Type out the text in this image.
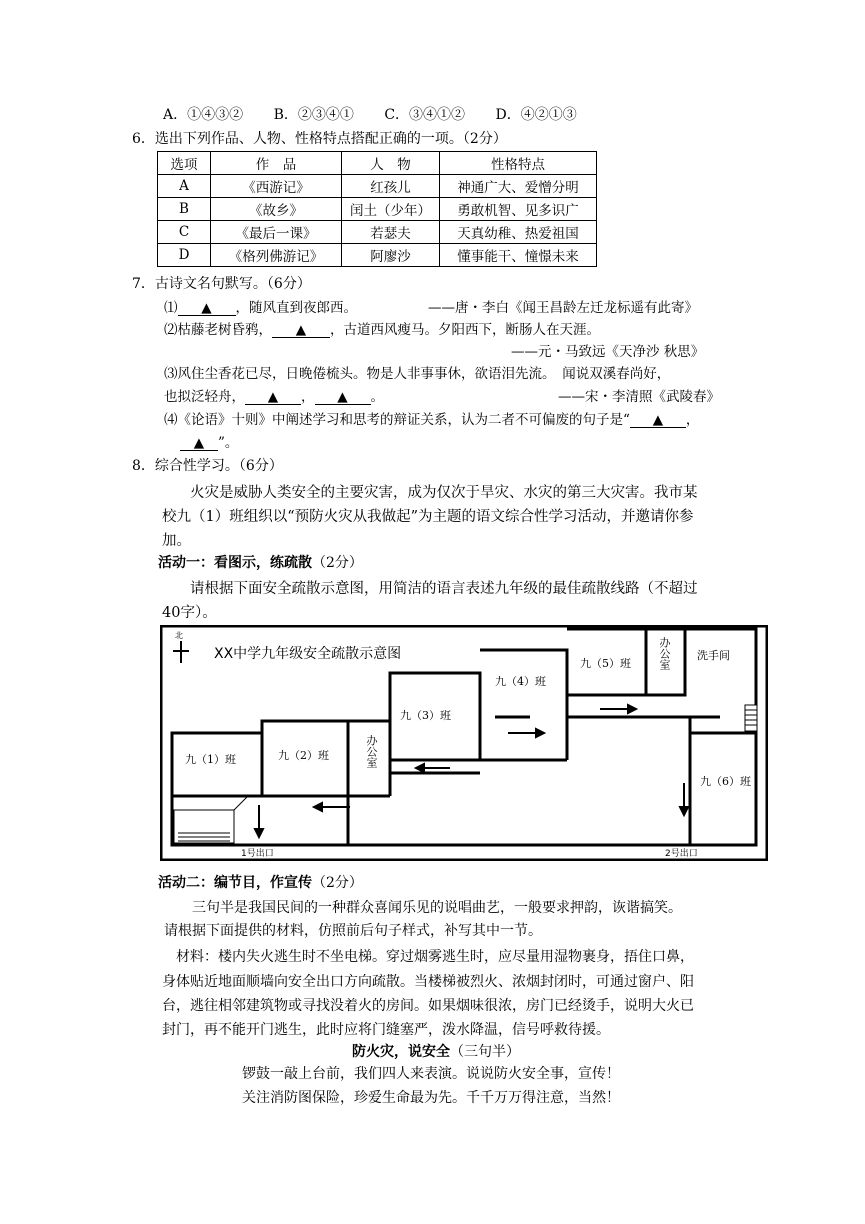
A．①④③② B．②③④① C．③④①② D．④②①③
6．选出下列作品、人物、性格特点搭配正确的一项。（2分）
选项	作　品	人　物	性格特点
A	《西游记》	红孩儿	神通广大、爱憎分明
B	《故乡》	闰土（少年）	勇敢机智、见多识广
C	《最后一课》	若瑟夫	天真幼稚、热爱祖国
D	《格列佛游记》	阿廖沙	懂事能干、憧憬未来
7．古诗文名句默写。（6分）
⑴ ▲ ，随风直到夜郎西。	——唐・李白《闻王昌龄左迁龙标遥有此寄》
⑵枯藤老树昏鸦， ▲ ，古道西风瘦马。夕阳西下，断肠人在天涯。
——元・马致远《天净沙 秋思》
⑶风住尘香花已尽，日晚倦梳头。物是人非事事休，欲语泪先流。　闻说双溪春尚好，
也拟泛轻舟， ▲ ， ▲ 。	——宋・李清照《武陵春》
⑷《论语》十则》中阐述学习和思考的辩证关系，认为二者不可偏废的句子是“ ▲ ，
▲ ”。
8．综合性学习。（6分）
火灾是威胁人类安全的主要灾害，成为仅次于旱灾、水灾的第三大灾害。我市某
校九（1）班组织以“预防火灾从我做起”为主题的语文综合性学习活动，并邀请你参
加。
活动一：看图示，练疏散（2分）
请根据下面安全疏散示意图，用简洁的语言表述九年级的最佳疏散线路（不超过
40字）。
北
XX中学九年级安全疏散示意图
九（1）班	九（2）班	办公室
九（3）班
九（4）班
九（5）班 办公室 洗手间
九（6）班
1号出口	2号出口
活动二：编节目，作宣传（2分）
三句半是我国民间的一种群众喜闻乐见的说唱曲艺，一般要求押韵，诙谐搞笑。
请根据下面提供的材料，仿照前后句子样式，补写其中一节。
材料：楼内失火逃生时不坐电梯。穿过烟雾逃生时，应尽量用湿物裹身，捂住口鼻，
身体贴近地面顺墙向安全出口方向疏散。当楼梯被烈火、浓烟封闭时，可通过窗户、阳
台，逃往相邻建筑物或寻找没着火的房间。如果烟味很浓，房门已经烫手，说明大火已
封门，再不能开门逃生，此时应将门缝塞严，泼水降温，信号呼救待援。
防火灾，说安全（三句半）
锣鼓一敲上台前，我们四人来表演。说说防火安全事，宣传！
关注消防图保险，珍爱生命最为先。千千万万得注意，当然！
